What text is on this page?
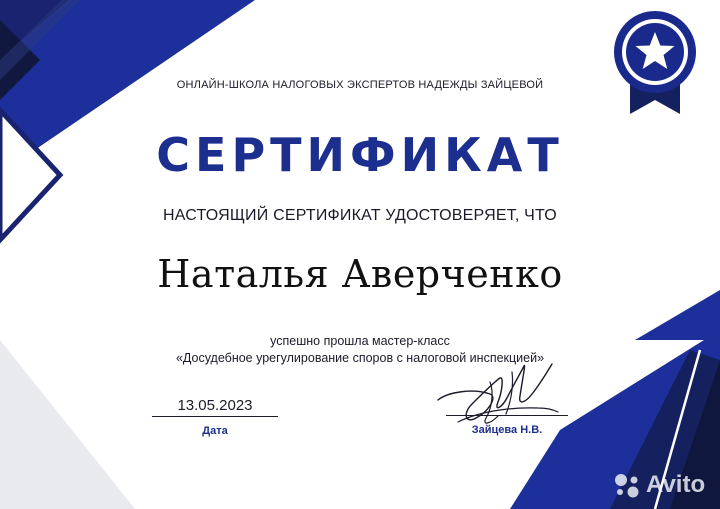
ОНЛАЙН-ШКОЛА НАЛОГОВЫХ ЭКСПЕРТОВ НАДЕЖДЫ ЗАЙЦЕВОЙ
СЕРТИФИКАТ
НАСТОЯЩИЙ СЕРТИФИКАТ УДОСТОВЕРЯЕТ, ЧТО
Наталья Аверченко
успешно прошла мастер-класс
«Досудебное урегулирование споров с налоговой инспекцией»
13.05.2023
Дата	Зайцева Н.В.
Avito
